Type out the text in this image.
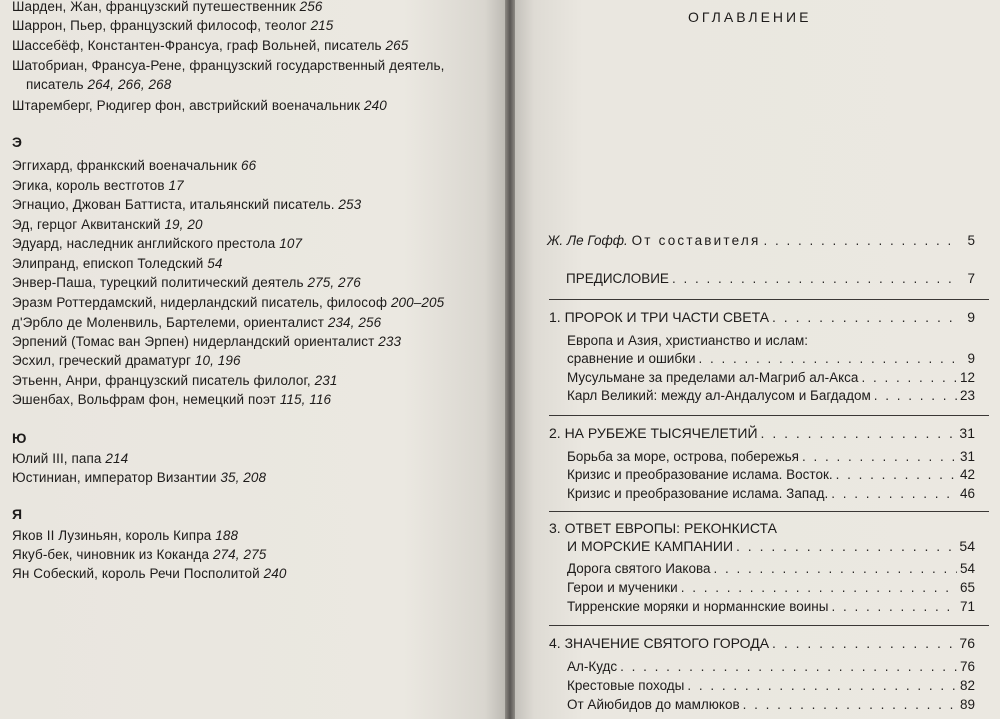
Шарден, Жан, французский путешественник 256
Шаррон, Пьер, французский философ, теолог 215
Шассебёф, Константен-Франсуа, граф Вольней, писатель 265
Шатобриан, Франсуа-Рене, французский государственный деятель,
писатель 264, 266, 268
Штаремберг, Рюдигер фон, австрийский военачальник 240
Э
Эггихард, франкский военачальник 66
Эгика, король вестготов 17
Эгнацио, Джован Баттиста, итальянский писатель. 253
Эд, герцог Аквитанский 19, 20
Эдуард, наследник английского престола 107
Элипранд, епископ Толедский 54
Энвер-Паша, турецкий политический деятель 275, 276
Эразм Роттердамский, нидерландский писатель, философ 200–205
д'Эрбло де Моленвиль, Бартелеми, ориенталист 234, 256
Эрпений (Томас ван Эрпен) нидерландский ориенталист 233
Эсхил, греческий драматург 10, 196
Этьенн, Анри, французский писатель филолог, 231
Эшенбах, Вольфрам фон, немецкий поэт 115, 116
Ю
Юлий III, папа 214
Юстиниан, император Византии 35, 208
Я
Яков II Лузиньян, король Кипра 188
Якуб-бек, чиновник из Коканда 274, 275
Ян Собеский, король Речи Посполитой 240
ОГЛАВЛЕНИЕ
Ж. Ле Гофф. От составителя . . .	5
ПРЕДИСЛОВИЕ . . .	7
1. ПРОРОК И ТРИ ЧАСТИ СВЕТА . . .	9
Европа и Азия, христианство и ислам:
сравнение и ошибки . . .	9
Мусульмане за пределами ал-Магриб ал-Акса . . .	12
Карл Великий: между ал-Андалусом и Багдадом . . .	23
2. НА РУБЕЖЕ ТЫСЯЧЕЛЕТИЙ . . .	31
Борьба за море, острова, побережья . . .	31
Кризис и преобразование ислама. Восток. . . .	42
Кризис и преобразование ислама. Запад. . . .	46
3. ОТВЕТ ЕВРОПЫ: РЕКОНКИСТА
И МОРСКИЕ КАМПАНИИ . . .	54
Дорога святого Иакова . . .	54
Герои и мученики . . .	65
Тирренские моряки и норманнские воины . . .	71
4. ЗНАЧЕНИЕ СВЯТОГО ГОРОДА . . .	76
Ал-Кудс . . .	76
Крестовые походы . . .	82
От Айюбидов до мамлюков . . .	89
